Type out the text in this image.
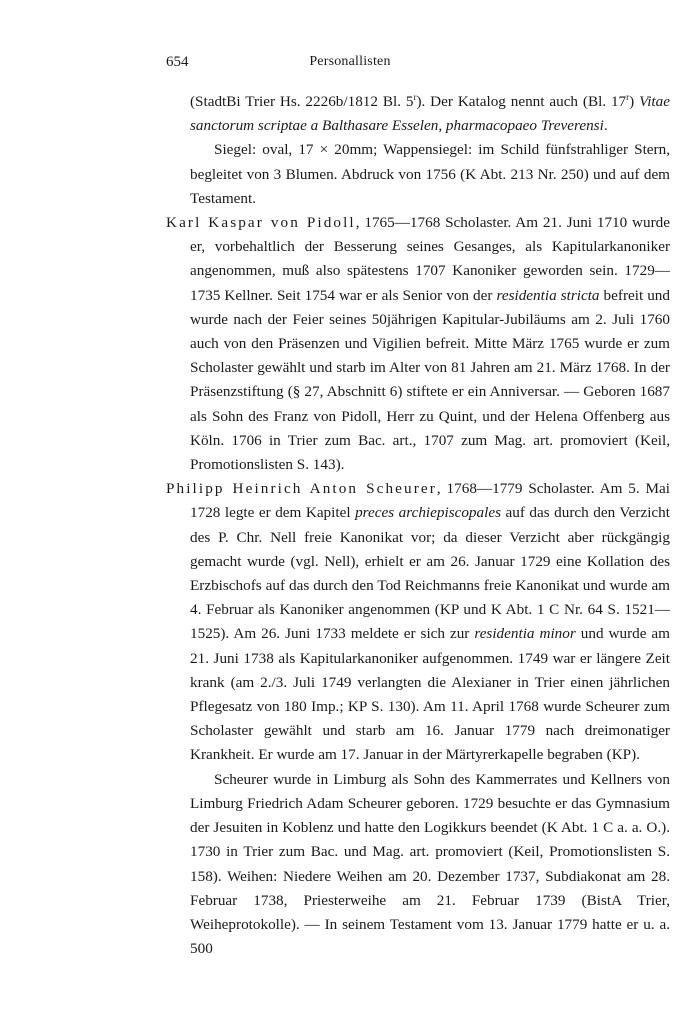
654	Personallisten

(StadtBi Trier Hs. 2226b/1812 Bl. 5$^r$). Der Katalog nennt auch (Bl. 17$^r$) Vitae sanctorum scriptae a Balthasare Esselen, pharmacopaeo Treverensi.

Siegel: oval, 17 × 20mm; Wappensiegel: im Schild fünfstrahliger Stern, begleitet von 3 Blumen. Abdruck von 1756 (K Abt. 213 Nr. 250) und auf dem Testament.

Karl Kaspar von Pidoll, 1765—1768 Scholaster. Am 21. Juni 1710 wurde er, vorbehaltlich der Besserung seines Gesanges, als Kapitularkanoniker angenommen, muß also spätestens 1707 Kanoniker geworden sein. 1729—1735 Kellner. Seit 1754 war er als Senior von der residentia stricta befreit und wurde nach der Feier seines 50jährigen Kapitular-Jubiläums am 2. Juli 1760 auch von den Präsenzen und Vigilien befreit. Mitte März 1765 wurde er zum Scholaster gewählt und starb im Alter von 81 Jahren am 21. März 1768. In der Präsenzstiftung (§ 27, Abschnitt 6) stiftete er ein Anniversar. — Geboren 1687 als Sohn des Franz von Pidoll, Herr zu Quint, und der Helena Offenberg aus Köln. 1706 in Trier zum Bac. art., 1707 zum Mag. art. promoviert (Keil, Promotionslisten S. 143).

Philipp Heinrich Anton Scheurer, 1768—1779 Scholaster. Am 5. Mai 1728 legte er dem Kapitel preces archiepiscopales auf das durch den Verzicht des P. Chr. Nell freie Kanonikat vor; da dieser Verzicht aber rückgängig gemacht wurde (vgl. Nell), erhielt er am 26. Januar 1729 eine Kollation des Erzbischofs auf das durch den Tod Reichmanns freie Kanonikat und wurde am 4. Februar als Kanoniker angenommen (KP und K Abt. 1 C Nr. 64 S. 1521—1525). Am 26. Juni 1733 meldete er sich zur residentia minor und wurde am 21. Juni 1738 als Kapitularkanoniker aufgenommen. 1749 war er längere Zeit krank (am 2./3. Juli 1749 verlangten die Alexianer in Trier einen jährlichen Pflegesatz von 180 Imp.; KP S. 130). Am 11. April 1768 wurde Scheurer zum Scholaster gewählt und starb am 16. Januar 1779 nach dreimonatiger Krankheit. Er wurde am 17. Januar in der Märtyrerkapelle begraben (KP).

Scheurer wurde in Limburg als Sohn des Kammerrates und Kellners von Limburg Friedrich Adam Scheurer geboren. 1729 besuchte er das Gymnasium der Jesuiten in Koblenz und hatte den Logikkurs beendet (K Abt. 1 C a. a. O.). 1730 in Trier zum Bac. und Mag. art. promoviert (Keil, Promotionslisten S. 158). Weihen: Niedere Weihen am 20. Dezember 1737, Subdiakonat am 28. Februar 1738, Priesterweihe am 21. Februar 1739 (BistA Trier, Weiheprotokolle). — In seinem Testament vom 13. Januar 1779 hatte er u. a. 500
